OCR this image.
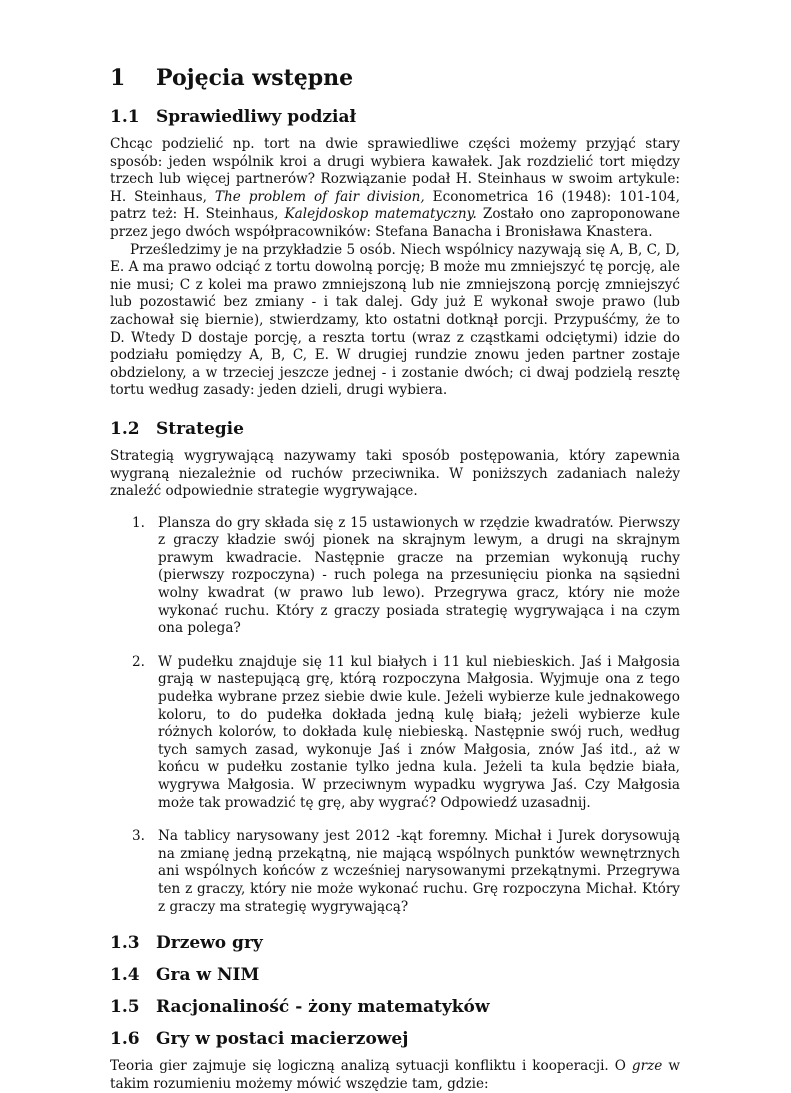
1 Pojęcia wstępne
1.1 Sprawiedliwy podział

Chcąc podzielić np. tort na dwie sprawiedliwe części możemy przyjąć stary sposób: jeden wspólnik kroi a drugi wybiera kawałek. Jak rozdzielić tort między trzech lub więcej partnerów? Rozwiązanie podał H. Steinhaus w swoim artykule: H. Steinhaus, The problem of fair division, Econometrica 16 (1948): 101-104, patrz też: H. Steinhaus, Kalejdoskop matematyczny. Zostało ono zaproponowane przez jego dwóch współpracowników: Stefana Banacha i Bronisława Knastera.

Prześledzimy je na przykładzie 5 osób. Niech wspólnicy nazywają się A, B, C, D, E. A ma prawo odciąć z tortu dowolną porcję; B może mu zmniejszyć tę porcję, ale nie musi; C z kolei ma prawo zmniejszoną lub nie zmniejszoną porcję zmniejszyć lub pozostawić bez zmiany - i tak dalej. Gdy już E wykonał swoje prawo (lub zachował się biernie), stwierdzamy, kto ostatni dotknął porcji. Przypuśćmy, że to D. Wtedy D dostaje porcję, a reszta tortu (wraz z cząstkami odciętymi) idzie do podziału pomiędzy A, B, C, E. W drugiej rundzie znowu jeden partner zostaje obdzielony, a w trzeciej jeszcze jednej - i zostanie dwóch; ci dwaj podzielą resztę tortu według zasady: jeden dzieli, drugi wybiera.

1.2 Strategie

Strategią wygrywającą nazywamy taki sposób postępowania, który zapewnia wygraną niezależnie od ruchów przeciwnika. W poniższych zadaniach należy znaleźć odpowiednie strategie wygrywające.

1. Plansza do gry składa się z 15 ustawionych w rzędzie kwadratów. Pierwszy z graczy kładzie swój pionek na skrajnym lewym, a drugi na skrajnym prawym kwadracie. Następnie gracze na przemian wykonują ruchy (pierwszy rozpoczyna) - ruch polega na przesunięciu pionka na sąsiedni wolny kwadrat (w prawo lub lewo). Przegrywa gracz, który nie może wykonać ruchu. Który z graczy posiada strategię wygrywająca i na czym ona polega?
2. W pudełku znajduje się 11 kul białych i 11 kul niebieskich. Jaś i Małgosia grają w nastepującą grę, którą rozpoczyna Małgosia. Wyjmuje ona z tego pudełka wybrane przez siebie dwie kule. Jeżeli wybierze kule jednakowego koloru, to do pudełka dokłada jedną kulę białą; jeżeli wybierze kule różnych kolorów, to dokłada kulę niebieską. Następnie swój ruch, według tych samych zasad, wykonuje Jaś i znów Małgosia, znów Jaś itd., aż w końcu w pudełku zostanie tylko jedna kula. Jeżeli ta kula będzie biała, wygrywa Małgosia. W przeciwnym wypadku wygrywa Jaś. Czy Małgosia może tak prowadzić tę grę, aby wygrać? Odpowiedź uzasadnij.
3. Na tablicy narysowany jest 2012 -kąt foremny. Michał i Jurek dorysowują na zmianę jedną przekątną, nie mającą wspólnych punktów wewnętrznych ani wspólnych końców z wcześniej narysowanymi przekątnymi. Przegrywa ten z graczy, który nie może wykonać ruchu. Grę rozpoczyna Michał. Który z graczy ma strategię wygrywającą?
1.3 Drzewo gry
1.4 Gra w NIM
1.5 Racjonaliność - żony matematyków
1.6 Gry w postaci macierzowej

Teoria gier zajmuje się logiczną analizą sytuacji konfliktu i kooperacji. O grze w takim rozumieniu możemy mówić wszędzie tam, gdzie:
